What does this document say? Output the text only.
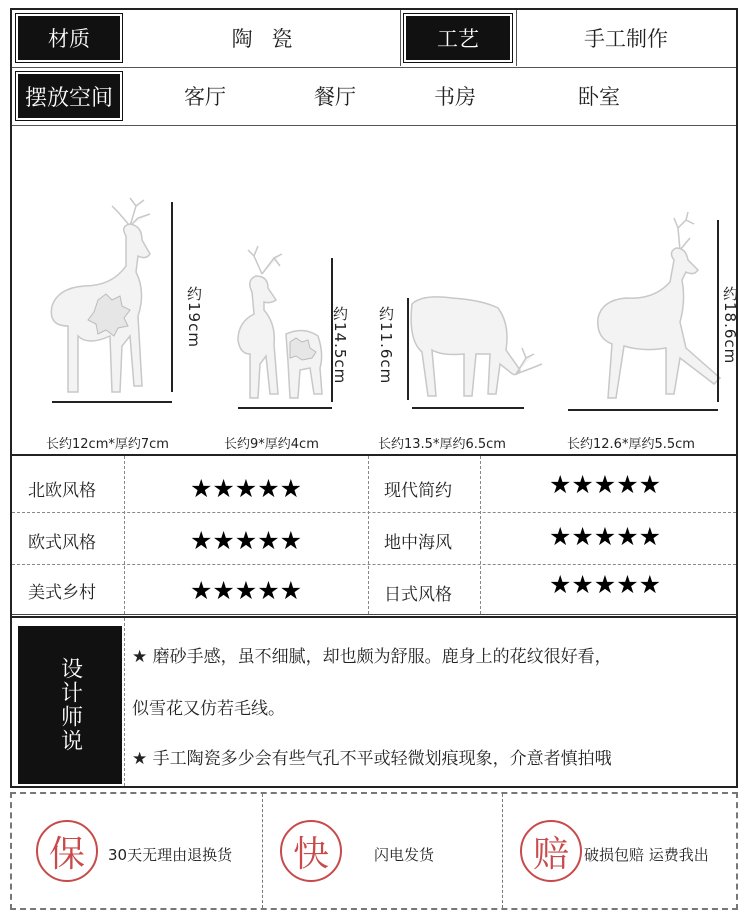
材质	陶 瓷	工艺	手工制作
摆放空间	客厅	餐厅	书房	卧室
约19cm
长约12cm*厚约7cm
约14.5cm
长约9*厚约4cm
约11.6cm
长约13.5*厚约6.5cm
约18.6cm
长约12.6*厚约5.5cm
北欧风格	★★★★★	现代简约	★★★★★
欧式风格	★★★★★	地中海风	★★★★★
美式乡村	★★★★★	日式风格	★★★★★
设计师说	★ 磨砂手感，虽不细腻，却也颇为舒服。鹿身上的花纹很好看，
似雪花又仿若毛线。
★ 手工陶瓷多少会有些气孔不平或轻微划痕现象，介意者慎拍哦
保	30天无理由退换货	快	闪电发货	赔	破损包赔 运费我出
